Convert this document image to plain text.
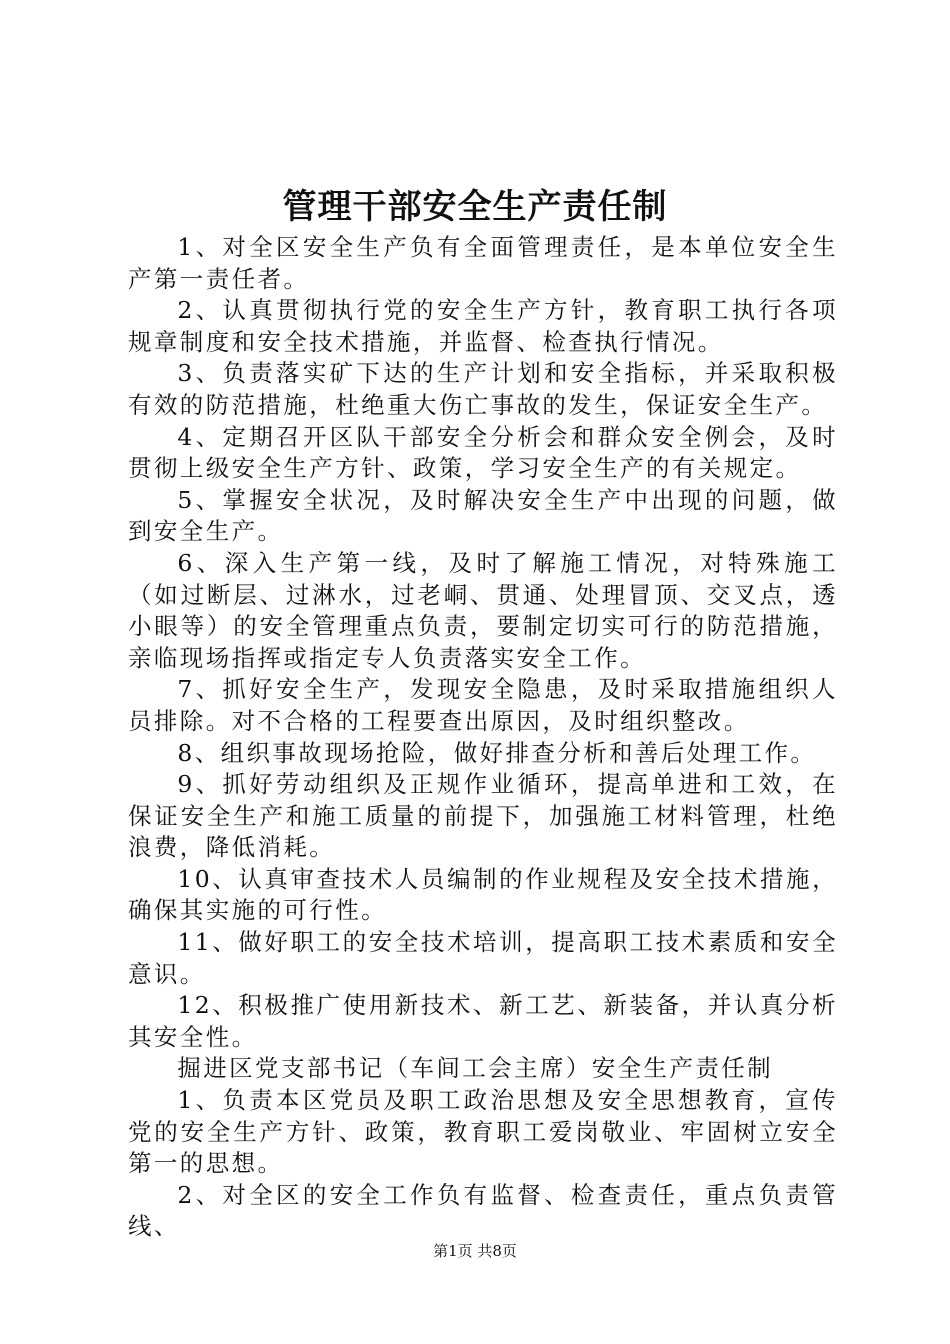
管理干部安全生产责任制

1、对全区安全生产负有全面管理责任，是本单位安全生产第一责任者。

2、认真贯彻执行党的安全生产方针，教育职工执行各项规章制度和安全技术措施，并监督、检查执行情况。

3、负责落实矿下达的生产计划和安全指标，并采取积极有效的防范措施，杜绝重大伤亡事故的发生，保证安全生产。

4、定期召开区队干部安全分析会和群众安全例会，及时贯彻上级安全生产方针、政策，学习安全生产的有关规定。

5、掌握安全状况，及时解决安全生产中出现的问题，做到安全生产。

6、深入生产第一线，及时了解施工情况，对特殊施工（如过断层、过淋水，过老峒、贯通、处理冒顶、交叉点，透小眼等）的安全管理重点负责，要制定切实可行的防范措施，亲临现场指挥或指定专人负责落实安全工作。

7、抓好安全生产，发现安全隐患，及时采取措施组织人员排除。对不合格的工程要查出原因，及时组织整改。

8、组织事故现场抢险，做好排查分析和善后处理工作。

9、抓好劳动组织及正规作业循环，提高单进和工效，在保证安全生产和施工质量的前提下，加强施工材料管理，杜绝浪费，降低消耗。

10、认真审查技术人员编制的作业规程及安全技术措施，确保其实施的可行性。

11、做好职工的安全技术培训，提高职工技术素质和安全意识。

12、积极推广使用新技术、新工艺、新装备，并认真分析其安全性。

掘进区党支部书记（车间工会主席）安全生产责任制

1、负责本区党员及职工政治思想及安全思想教育，宣传党的安全生产方针、政策，教育职工爱岗敬业、牢固树立安全第一的思想。

2、对全区的安全工作负有监督、检查责任，重点负责管线、

第1页 共8页
